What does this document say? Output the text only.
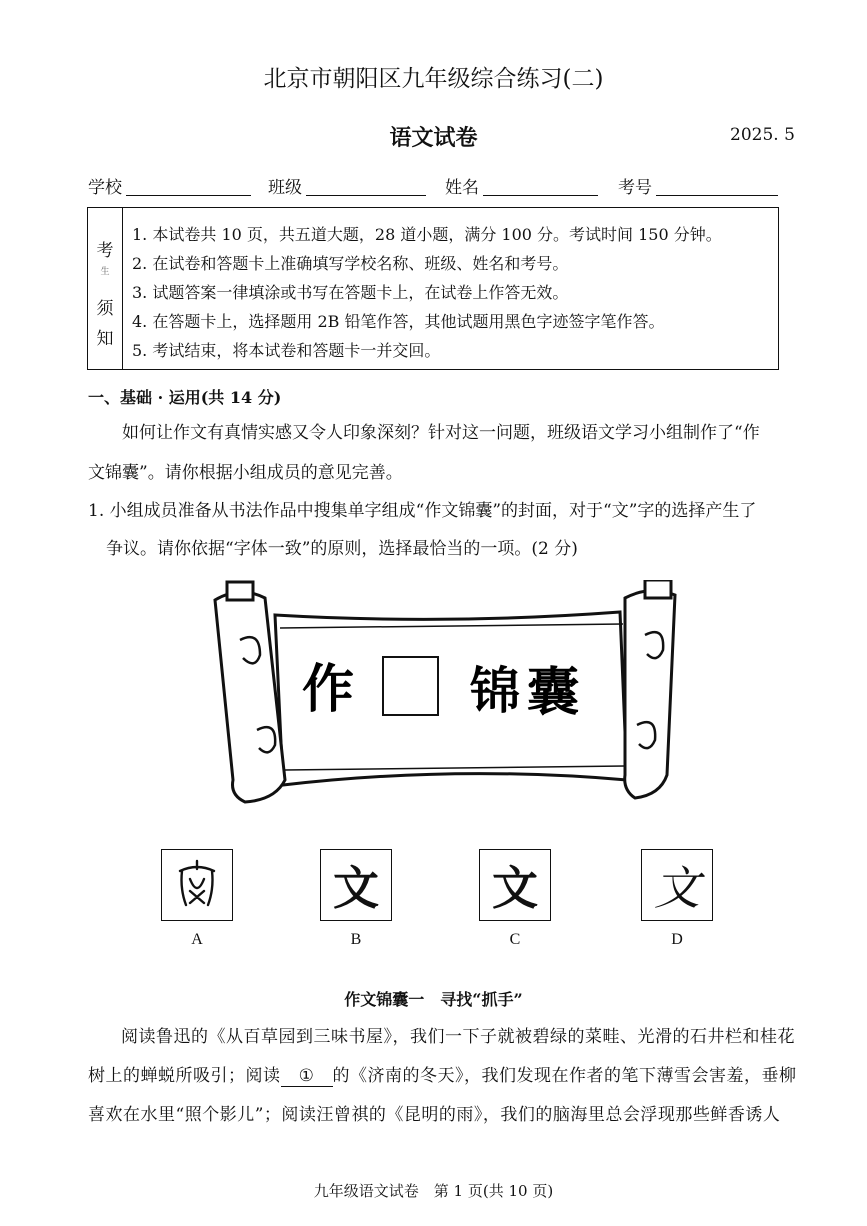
北京市朝阳区九年级综合练习(二)
语文试卷	2025. 5
学校	班级	姓名	考号
考
生
须
知
1. 本试卷共 10 页，共五道大题，28 道小题，满分 100 分。考试时间 150 分钟。
2. 在试卷和答题卡上准确填写学校名称、班级、姓名和考号。
3. 试题答案一律填涂或书写在答题卡上，在试卷上作答无效。
4. 在答题卡上，选择题用 2B 铅笔作答，其他试题用黑色字迹签字笔作答。
5. 考试结束，将本试卷和答题卡一并交回。
一、基础 · 运用(共 14 分)
如何让作文有真情实感又令人印象深刻？针对这一问题，班级语文学习小组制作了“作
文锦囊”。请你根据小组成员的意见完善。
1. 小组成员准备从书法作品中搜集单字组成“作文锦囊”的封面，对于“文”字的选择产生了
争议。请你依据“字体一致”的原则，选择最恰当的一项。(2 分)
作 锦 囊
文 文	文
A	B	C	D
作文锦囊一　寻找“抓手”
阅读鲁迅的《从百草园到三味书屋》，我们一下子就被碧绿的菜畦、光滑的石井栏和桂花
树上的蝉蜕所吸引；阅读 ① 的《济南的冬天》，我们发现在作者的笔下薄雪会害羞，垂柳
喜欢在水里“照个影儿”；阅读汪曾祺的《昆明的雨》，我们的脑海里总会浮现那些鲜香诱人
九年级语文试卷　第 1 页(共 10 页)
